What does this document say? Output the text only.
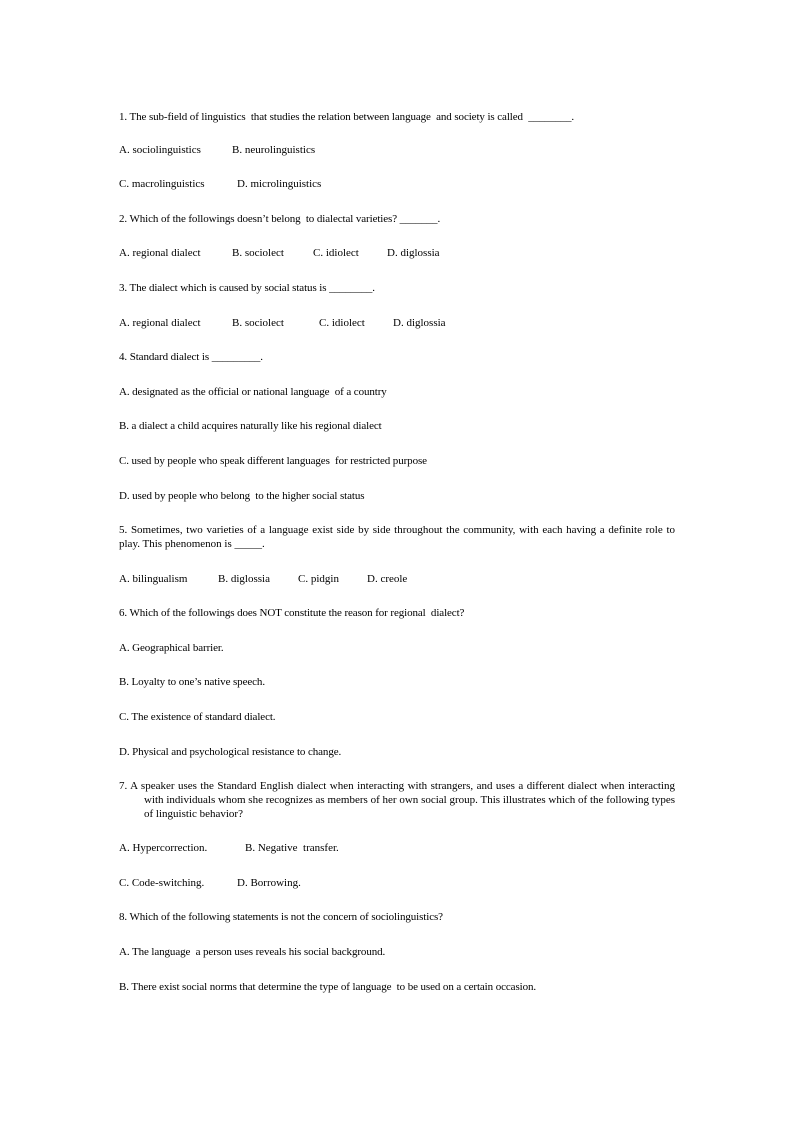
1. The sub-field of linguistics  that studies the relation between language  and society is called  ________.

A. sociolinguistics

	B. neurolinguistics

C. macrolinguistics

	D. microlinguistics

2. Which of the followings doesn’t belong  to dialectal varieties? _______.

A. regional dialect

	B. sociolect

	C. idiolect

	D. diglossia

3. The dialect which is caused by social status is ________.

A. regional dialect

	B. sociolect

	C. idiolect

	D. diglossia

4. Standard dialect is _________.
A. designated as the official or national language  of a country
B. a dialect a child acquires naturally like his regional dialect
C. used by people who speak different languages  for restricted purpose
D. used by people who belong  to the higher social status
5. Sometimes, two varieties of a language exist side by side throughout the community, with each having a definite role to play. This phenomenon is _____.

A. bilingualism

	B. diglossia

	C. pidgin

	D. creole

6. Which of the followings does NOT constitute the reason for regional  dialect?
A. Geographical barrier.
B. Loyalty to one’s native speech.
C. The existence of standard dialect.
D. Physical and psychological resistance to change.
7. A speaker uses the Standard English dialect when interacting with strangers, and uses a different dialect when interacting with individuals whom she recognizes as members of her own social group. This illustrates which of the following types of linguistic behavior?

A. Hypercorrection.

	B. Negative  transfer.

C. Code-switching.

	D. Borrowing.

8. Which of the following statements is not the concern of sociolinguistics?
A. The language  a person uses reveals his social background.
B. There exist social norms that determine the type of language  to be used on a certain occasion.
